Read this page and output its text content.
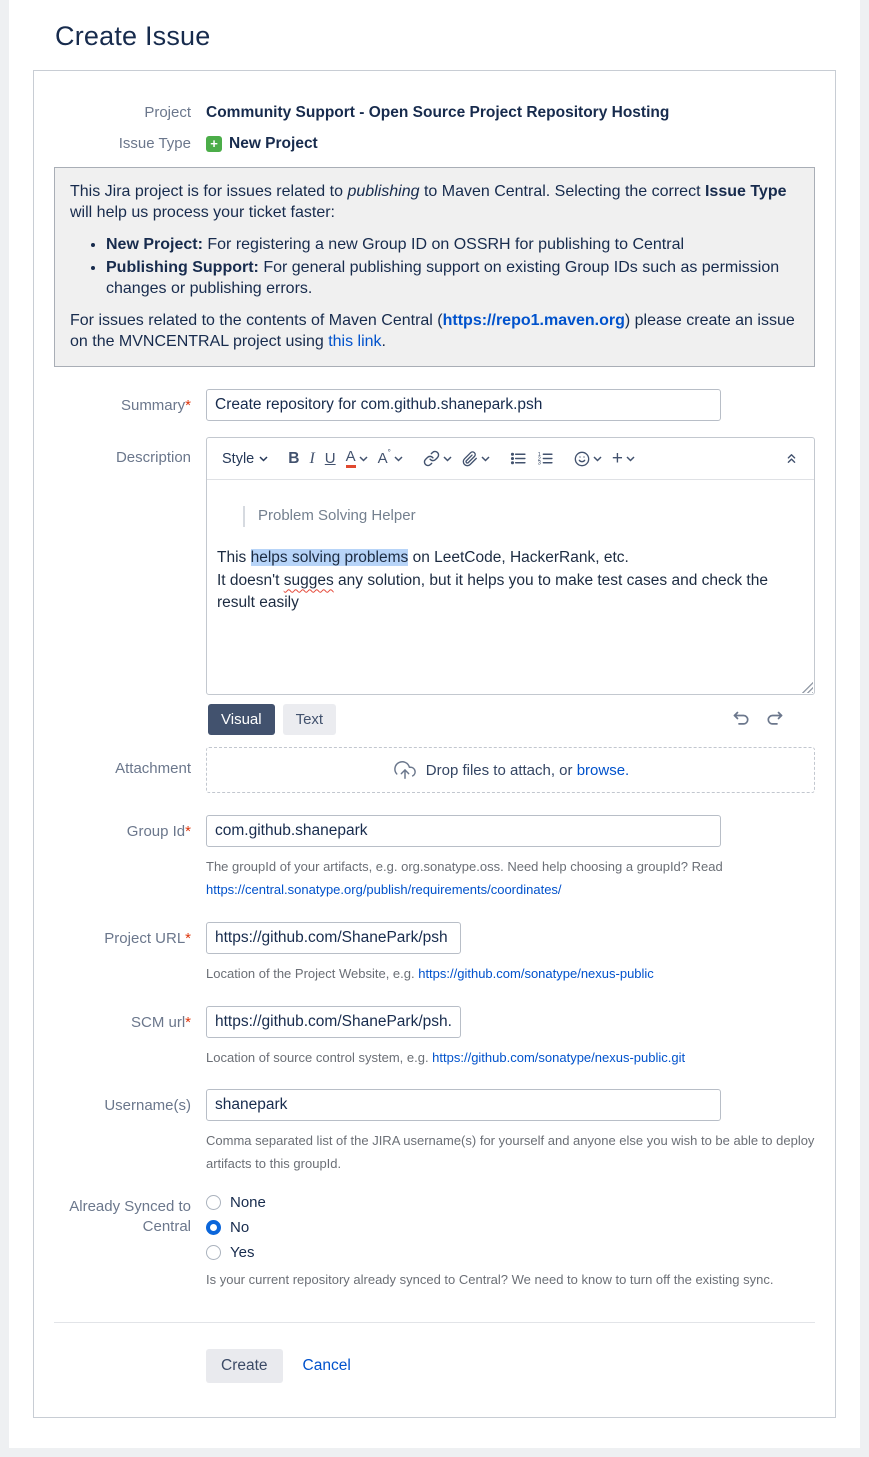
Create Issue
Project Community Support - Open Source Project Repository Hosting
Issue Type	+ New Project

This Jira project is for issues related to publishing to Maven Central. Selecting the correct Issue Type will help us process your ticket faster:

• New Project: For registering a new Group ID on OSSRH for publishing to Central
• Publishing Support: For general publishing support on existing Group IDs such as permission changes or publishing errors.

For issues related to the contents of Maven Central (https://repo1.maven.org) please create an issue on the MVNCENTRAL project using this link.

Summary*
Create repository for com.github.shanepark.psh
Description Style	B I U A A°	1
2
3	+
Problem Solving Helper

This helps solving problems on LeetCode, HackerRank, etc.

It doesn't sugges any solution, but it helps you to make test cases and check the result easily

Visual	Text
Attachment	Drop files to attach, or browse.
Group Id*
com.github.shanepark
The groupId of your artifacts, e.g. org.sonatype.oss. Need help choosing a groupId? Read https://central.sonatype.org/publish/requirements/coordinates/
Project URL*
https://github.com/ShanePark/psh
Location of the Project Website, e.g. https://github.com/sonatype/nexus-public
SCM url*
https://github.com/ShanePark/psh.git
Location of source control system, e.g. https://github.com/sonatype/nexus-public.git
Username(s)
shanepark
Comma separated list of the JIRA username(s) for yourself and anyone else you wish to be able to deploy artifacts to this groupId.
Already Synced to Central
None
No
Yes
Is your current repository already synced to Central? We need to know to turn off the existing sync.
Create	Cancel
